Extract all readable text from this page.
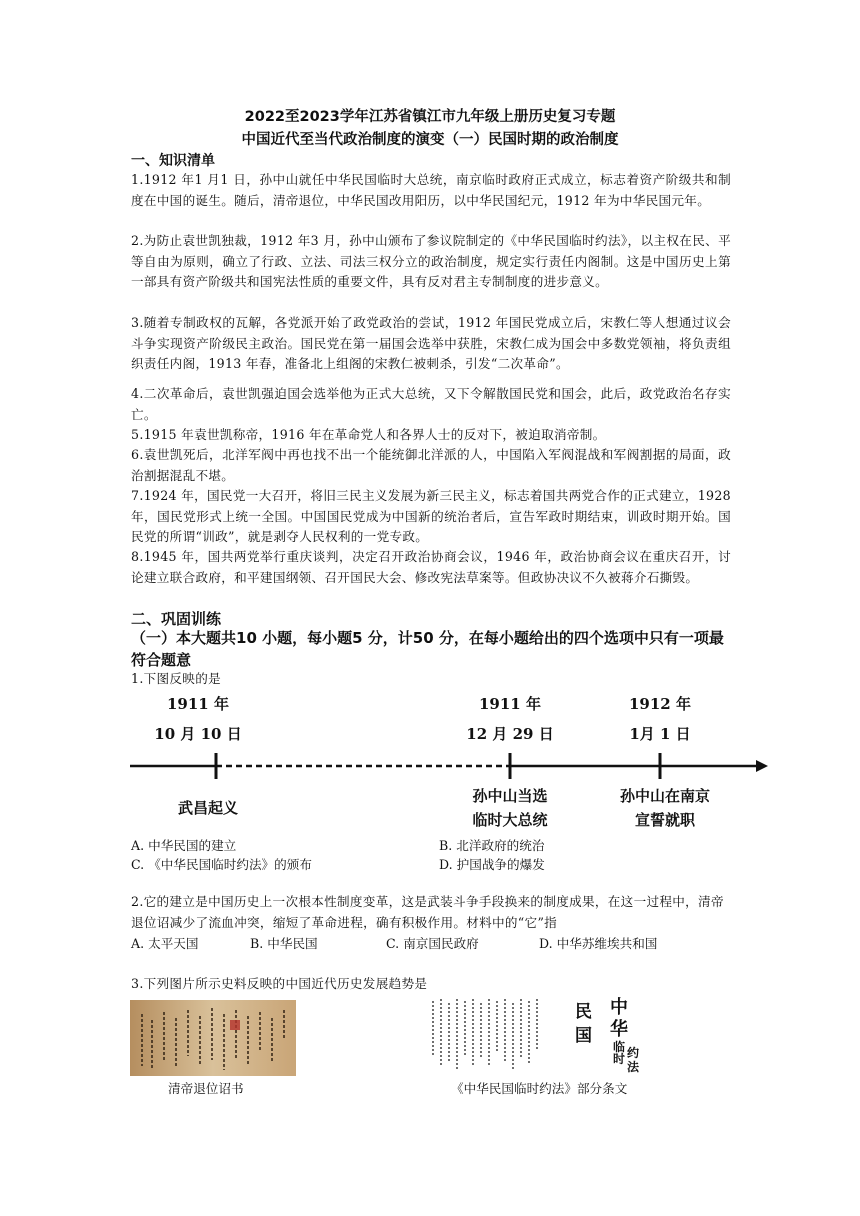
2022至2023学年江苏省镇江市九年级上册历史复习专题
中国近代至当代政治制度的演变（一）民国时期的政治制度
一、知识清单
1.1912 年1 月1 日，孙中山就任中华民国临时大总统，南京临时政府正式成立，标志着资产阶级共和制度在中国的诞生。随后，清帝退位，中华民国改用阳历，以中华民国纪元，1912 年为中华民国元年。
2.为防止袁世凯独裁，1912 年3 月，孙中山颁布了参议院制定的《中华民国临时约法》，以主权在民、平等自由为原则，确立了行政、立法、司法三权分立的政治制度，规定实行责任内阁制。这是中国历史上第一部具有资产阶级共和国宪法性质的重要文件，具有反对君主专制制度的进步意义。
3.随着专制政权的瓦解，各党派开始了政党政治的尝试，1912 年国民党成立后，宋教仁等人想通过议会斗争实现资产阶级民主政治。国民党在第一届国会选举中获胜，宋教仁成为国会中多数党领袖，将负责组织责任内阁，1913 年春，准备北上组阁的宋教仁被刺杀，引发“二次革命”。
4.二次革命后，袁世凯强迫国会选举他为正式大总统，又下令解散国民党和国会，此后，政党政治名存实亡。
5.1915 年袁世凯称帝，1916 年在革命党人和各界人士的反对下，被迫取消帝制。
6.袁世凯死后，北洋军阀中再也找不出一个能统御北洋派的人，中国陷入军阀混战和军阀割据的局面，政治割据混乱不堪。
7.1924 年，国民党一大召开，将旧三民主义发展为新三民主义，标志着国共两党合作的正式建立，1928 年，国民党形式上统一全国。中国国民党成为中国新的统治者后，宣告军政时期结束，训政时期开始。国民党的所谓“训政”，就是剥夺人民权利的一党专政。
8.1945 年，国共两党举行重庆谈判，决定召开政治协商会议，1946 年，政治协商会议在重庆召开，讨论建立联合政府，和平建国纲领、召开国民大会、修改宪法草案等。但政协决议不久被蒋介石撕毁。
二、巩固训练
（一）本大题共10 小题，每小题5 分，计50 分，在每小题给出的四个选项中只有一项最符合题意
1.下图反映的是
1911 年
10 月 10 日
1911 年
12 月 29 日
1912 年
1月 1 日
武昌起义
孙中山当选
临时大总统
孙中山在南京
宣誓就职
A. 中华民国的建立	B. 北洋政府的统治
C. 《中华民国临时约法》的颁布	D. 护国战争的爆发
2.它的建立是中国历史上一次根本性制度变革，这是武装斗争手段换来的制度成果，在这一过程中，清帝退位诏减少了流血冲突，缩短了革命进程，确有积极作用。材料中的“它”指
A. 太平天国	B. 中华民国	C. 南京国民政府	D. 中华苏维埃共和国
3.下列图片所示史料反映的中国近代历史发展趋势是
清帝退位诏书
民
国
中
华
临
时 约
法
《中华民国临时约法》部分条文
